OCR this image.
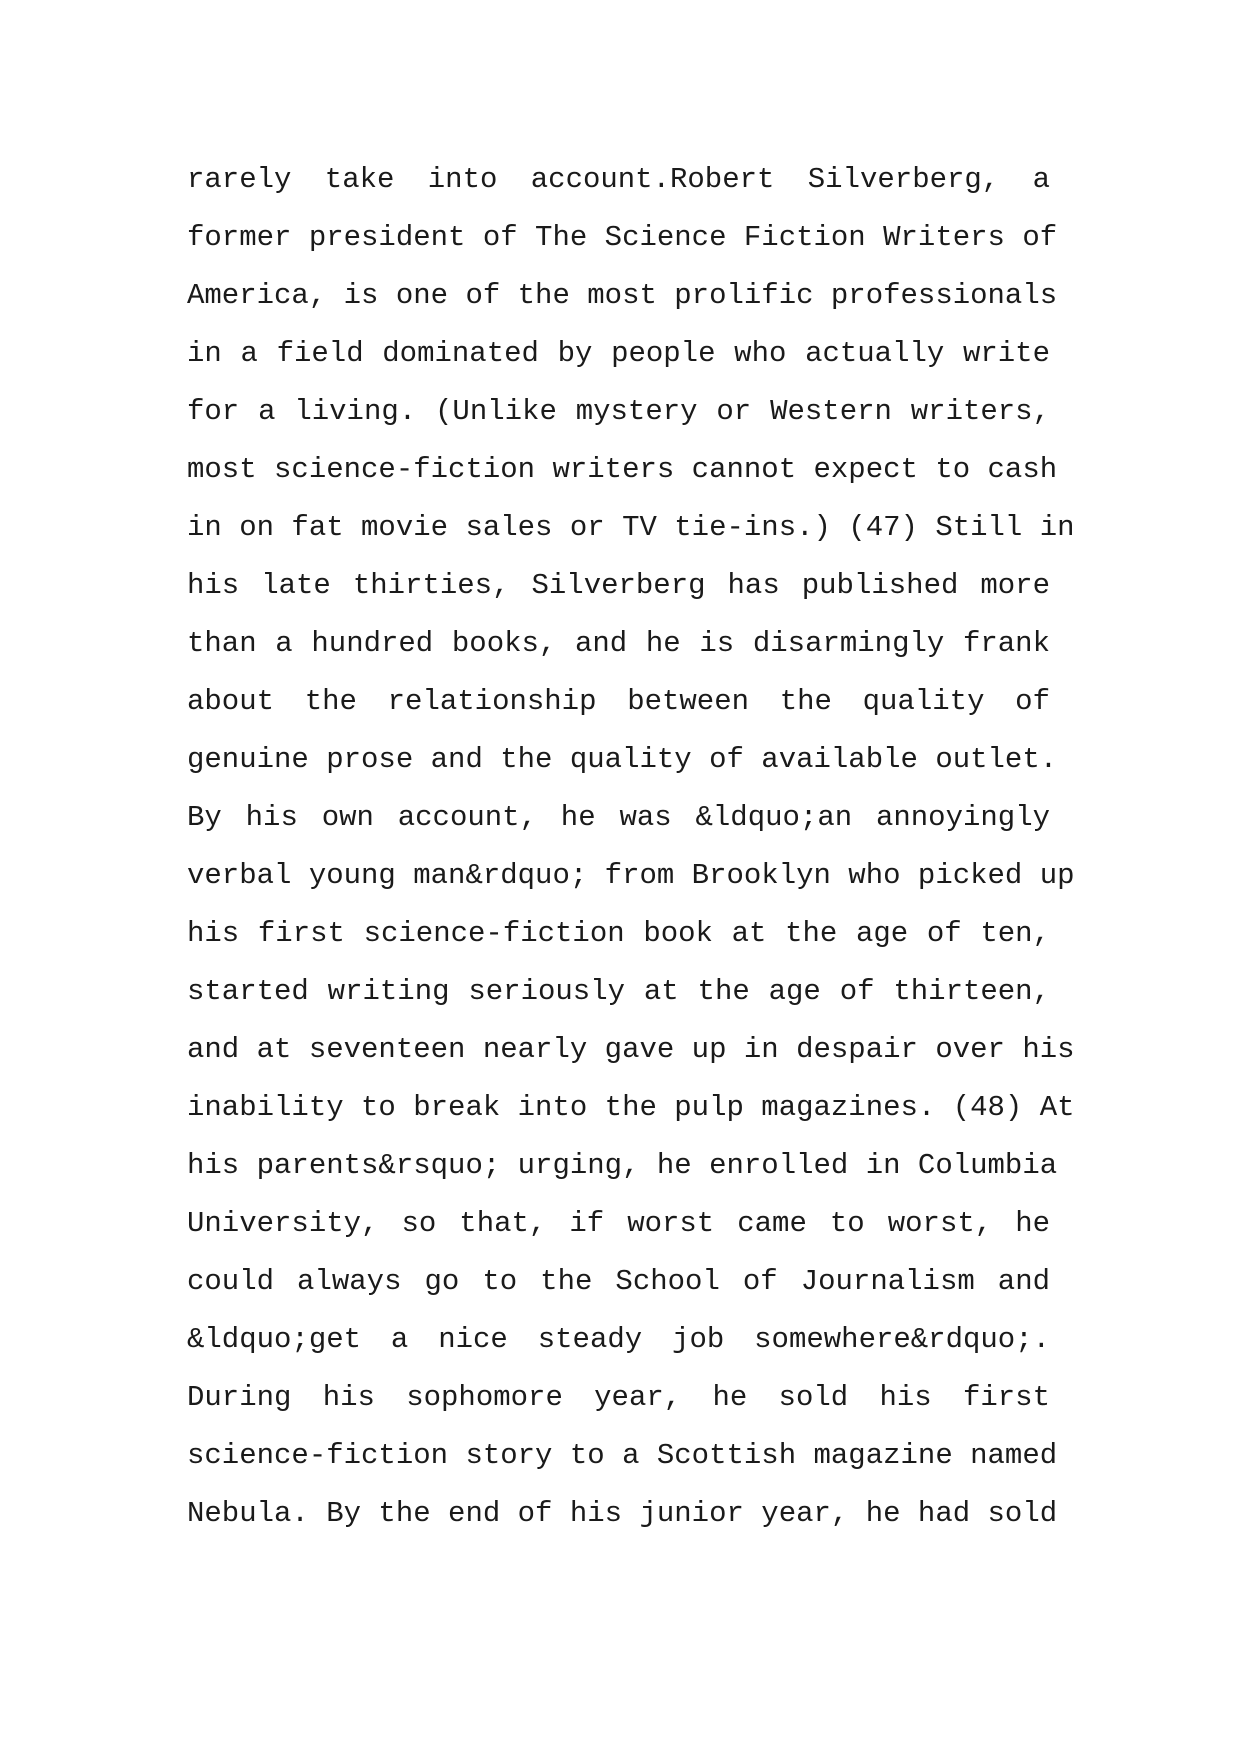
rarely take into account.Robert Silverberg, a
former president of The Science Fiction Writers of
America, is one of the most prolific professionals
in a field dominated by people who actually write
for a living. (Unlike mystery or Western writers,
most science-fiction writers cannot expect to cash
in on fat movie sales or TV tie-ins.) (47) Still in
his late thirties, Silverberg has published more
than a hundred books, and he is disarmingly frank
about the relationship between the quality of
genuine prose and the quality of available outlet.
By his own account, he was &ldquo;an annoyingly
verbal young man&rdquo; from Brooklyn who picked up
his first science-fiction book at the age of ten,
started writing seriously at the age of thirteen,
and at seventeen nearly gave up in despair over his
inability to break into the pulp magazines. (48) At
his parents&rsquo; urging, he enrolled in Columbia
University, so that, if worst came to worst, he
could always go to the School of Journalism and
&ldquo;get a nice steady job somewhere&rdquo;.
During his sophomore year, he sold his first
science-fiction story to a Scottish magazine named
Nebula. By the end of his junior year, he had sold
